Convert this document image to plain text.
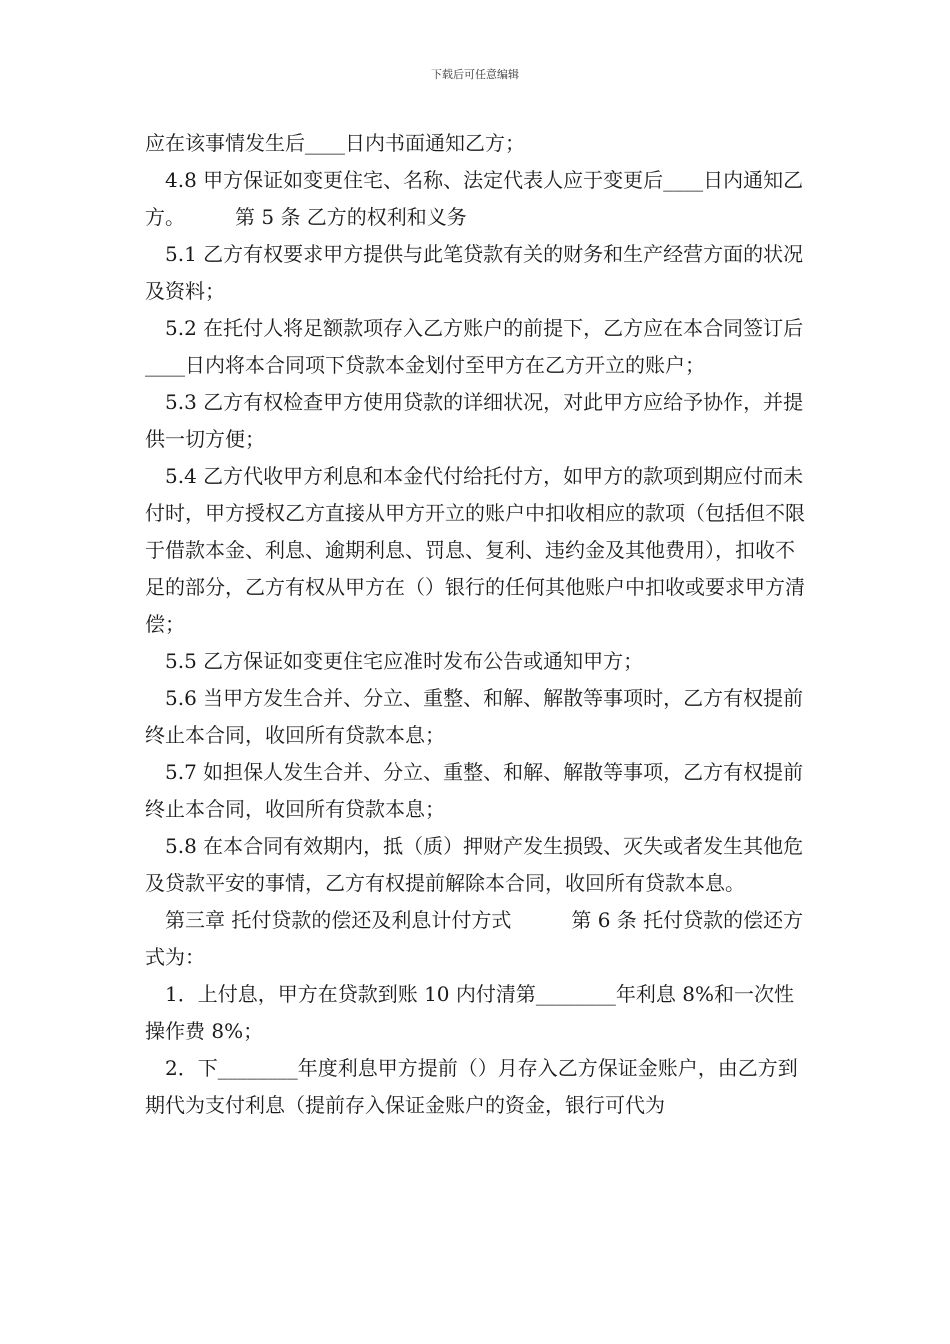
下载后可任意编辑

应在该事情发生后____日内书面通知乙方；

4.8 甲方保证如变更住宅、名称、法定代表人应于变更后____日内通知乙方。　　　第 5 条 乙方的权利和义务

5.1 乙方有权要求甲方提供与此笔贷款有关的财务和生产经营方面的状况及资料；

5.2 在托付人将足额款项存入乙方账户的前提下，乙方应在本合同签订后____日内将本合同项下贷款本金划付至甲方在乙方开立的账户；

5.3 乙方有权检查甲方使用贷款的详细状况，对此甲方应给予协作，并提供一切方便；

5.4 乙方代收甲方利息和本金代付给托付方，如甲方的款项到期应付而未付时，甲方授权乙方直接从甲方开立的账户中扣收相应的款项（包括但不限于借款本金、利息、逾期利息、罚息、复利、违约金及其他费用），扣收不足的部分，乙方有权从甲方在（）银行的任何其他账户中扣收或要求甲方清偿；

5.5 乙方保证如变更住宅应准时发布公告或通知甲方；

5.6 当甲方发生合并、分立、重整、和解、解散等事项时，乙方有权提前终止本合同，收回所有贷款本息；

5.7 如担保人发生合并、分立、重整、和解、解散等事项，乙方有权提前终止本合同，收回所有贷款本息；

5.8 在本合同有效期内，抵（质）押财产发生损毁、灭失或者发生其他危及贷款平安的事情，乙方有权提前解除本合同，收回所有贷款本息。

第三章 托付贷款的偿还及利息计付方式　　　第 6 条 托付贷款的偿还方式为：

1．上付息，甲方在贷款到账 10 内付清第________年利息 8%和一次性操作费 8%；

2．下________年度利息甲方提前（）月存入乙方保证金账户，由乙方到期代为支付利息（提前存入保证金账户的资金，银行可代为
